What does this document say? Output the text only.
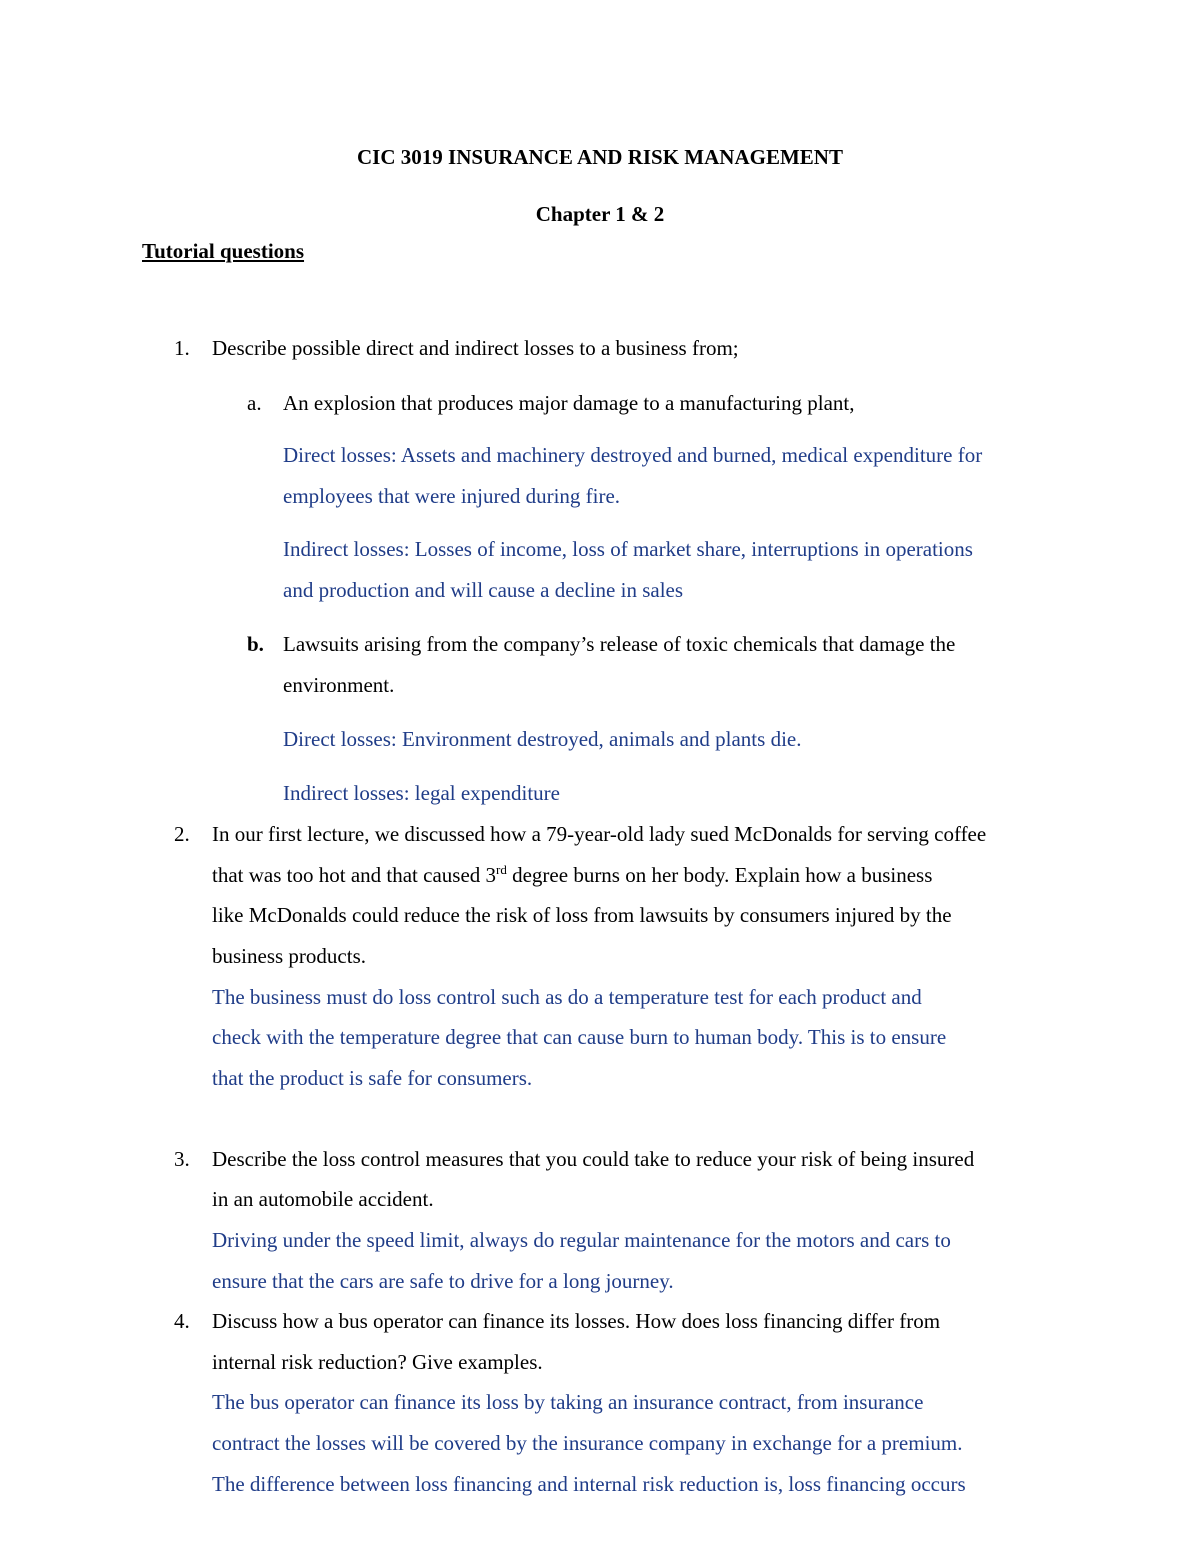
CIC 3019 INSURANCE AND RISK MANAGEMENT
Chapter 1 & 2
Tutorial questions
1. Describe possible direct and indirect losses to a business from;
a. An explosion that produces major damage to a manufacturing plant,
Direct losses: Assets and machinery destroyed and burned, medical expenditure for
employees that were injured during fire.
Indirect losses: Losses of income, loss of market share, interruptions in operations
and production and will cause a decline in sales
b. Lawsuits arising from the company’s release of toxic chemicals that damage the
environment.
Direct losses: Environment destroyed, animals and plants die.
Indirect losses: legal expenditure
2. In our first lecture, we discussed how a 79-year-old lady sued McDonalds for serving coffee
that was too hot and that caused 3rd degree burns on her body. Explain how a business
like McDonalds could reduce the risk of loss from lawsuits by consumers injured by the
business products.
The business must do loss control such as do a temperature test for each product and
check with the temperature degree that can cause burn to human body. This is to ensure
that the product is safe for consumers.
3. Describe the loss control measures that you could take to reduce your risk of being insured
in an automobile accident.
Driving under the speed limit, always do regular maintenance for the motors and cars to
ensure that the cars are safe to drive for a long journey.
4. Discuss how a bus operator can finance its losses. How does loss financing differ from
internal risk reduction? Give examples.
The bus operator can finance its loss by taking an insurance contract, from insurance
contract the losses will be covered by the insurance company in exchange for a premium.
The difference between loss financing and internal risk reduction is, loss financing occurs
